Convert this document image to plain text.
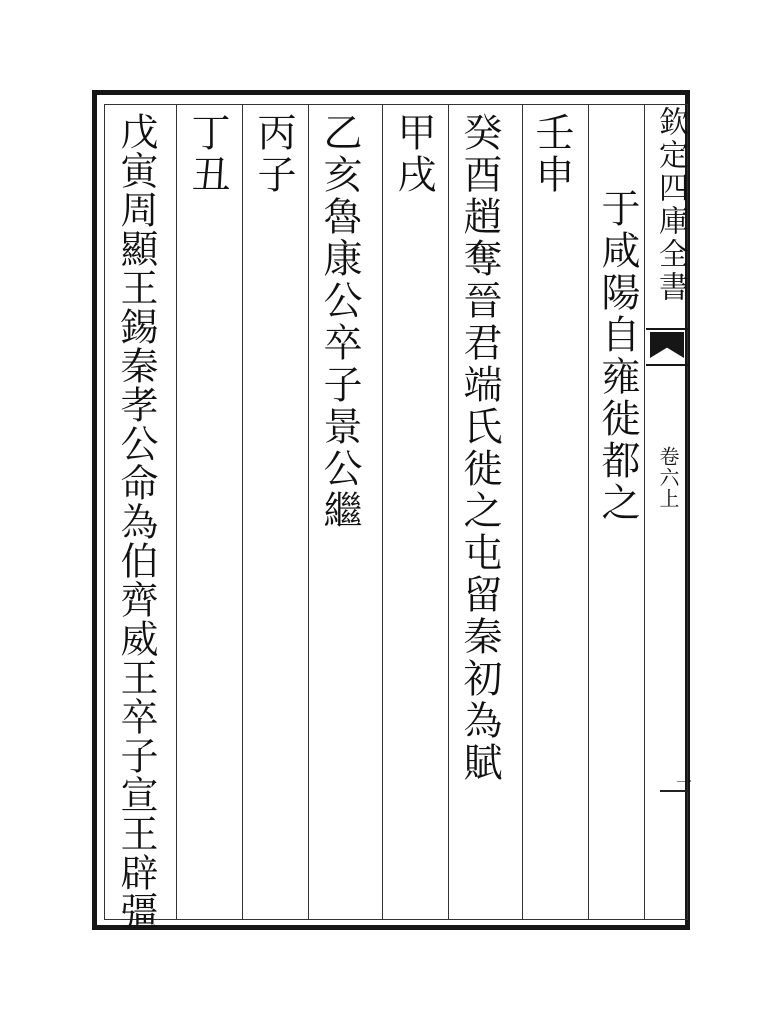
欽定四庫全書
卷六上
一
于咸陽自雍徙都之
壬申
癸酉趙奪晉君端氏徙之屯留秦初為賦
甲戌
乙亥魯康公卒子景公繼
丙子
丁丑
戊寅周顯王錫秦孝公命為伯齊威王卒子宣王辟彊
